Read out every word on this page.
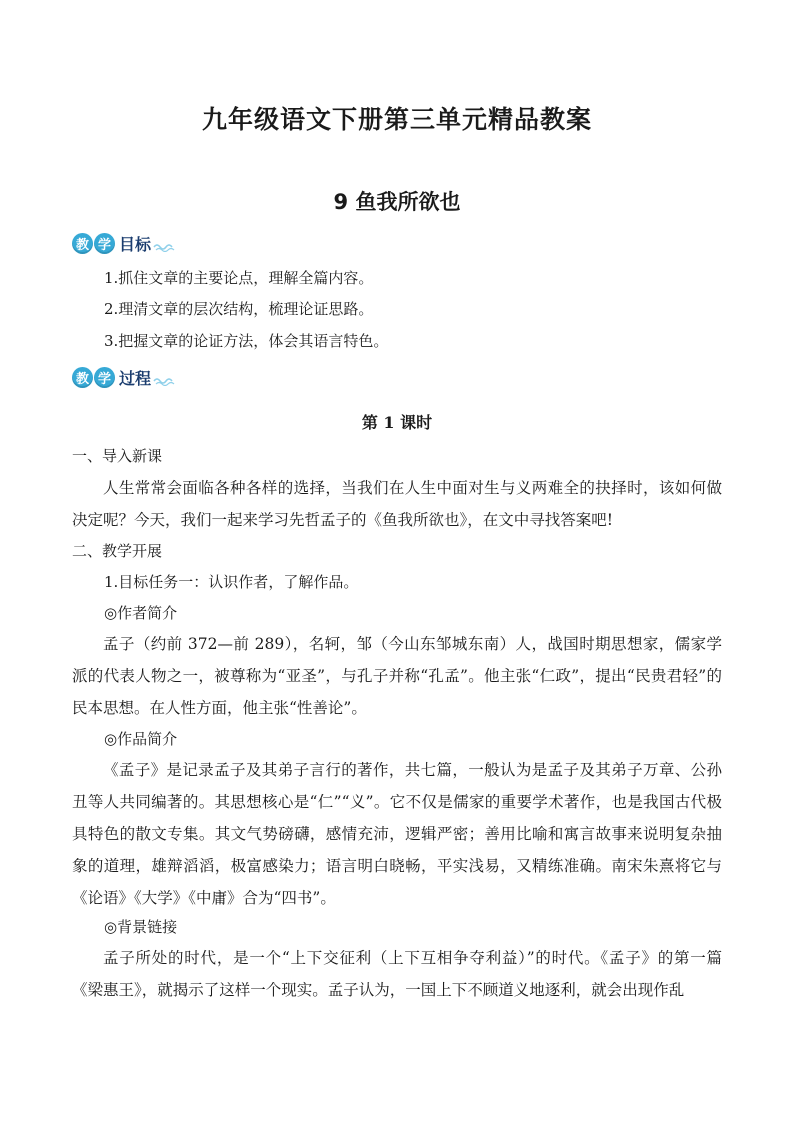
九年级语文下册第三单元精品教案
9 鱼我所欲也
教 学 目标
1.抓住文章的主要论点，理解全篇内容。
2.理清文章的层次结构，梳理论证思路。
3.把握文章的论证方法，体会其语言特色。
教 学 过程
第 1 课时
一、导入新课

人生常常会面临各种各样的选择，当我们在人生中面对生与义两难全的抉择时，该如何做决定呢？今天，我们一起来学习先哲孟子的《鱼我所欲也》，在文中寻找答案吧!

二、教学开展
1.目标任务一：认识作者，了解作品。
◎作者简介

孟子（约前 372—前 289），名轲，邹（今山东邹城东南）人，战国时期思想家，儒家学派的代表人物之一，被尊称为“亚圣”，与孔子并称“孔孟”。他主张“仁政”，提出“民贵君轻”的民本思想。在人性方面，他主张“性善论”。

◎作品简介

《孟子》是记录孟子及其弟子言行的著作，共七篇，一般认为是孟子及其弟子万章、公孙丑等人共同编著的。其思想核心是“仁”“义”。它不仅是儒家的重要学术著作，也是我国古代极具特色的散文专集。其文气势磅礴，感情充沛，逻辑严密；善用比喻和寓言故事来说明复杂抽象的道理，雄辩滔滔，极富感染力；语言明白晓畅，平实浅易，又精练准确。南宋朱熹将它与《论语》《大学》《中庸》合为“四书”。

◎背景链接

孟子所处的时代，是一个“上下交征利（上下互相争夺利益）”的时代。《孟子》的第一篇《梁惠王》，就揭示了这样一个现实。孟子认为，一国上下不顾道义地逐利，就会出现作乱
